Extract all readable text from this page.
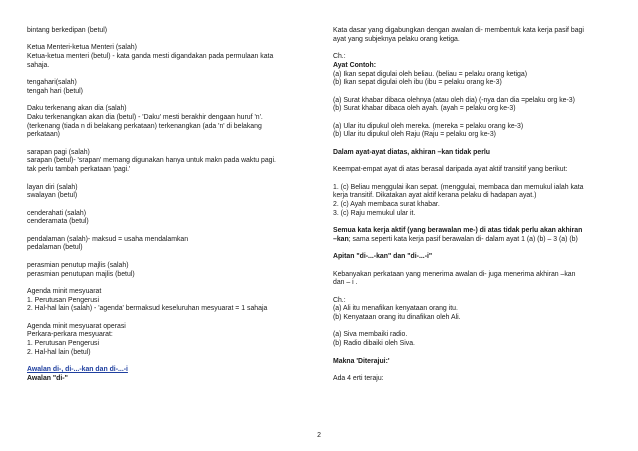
bintang berkedipan (betul)
Ketua Menteri-ketua Menteri (salah)
Ketua-ketua menteri (betul) - kata ganda mesti digandakan pada permulaan kata
sahaja.
tengahari(salah)
tengah hari (betul)
Daku terkenang akan dia (salah)
Daku terkenangkan akan dia (betul) - 'Daku' mesti berakhir dengaan huruf 'n'.
(terkenang (tiada n di belakang perkataan) terkenangkan (ada 'n' di belakang
perkataan)
sarapan pagi (salah)
sarapan (betul)- 'srapan' memang digunakan hanya untuk makn pada waktu pagi.
tak perlu tambah perkataan 'pagi.'
layan diri (salah)
swalayan (betul)
cenderahati (salah)
cenderamata (betul)
pendalaman (salah)- maksud = usaha mendalamkan
pedalaman (betul)
perasmian penutup majlis (salah)
perasmian penutupan majlis (betul)
Agenda minit mesyuarat
1. Perutusan Pengerusi
2. Hal-hal lain (salah) - 'agenda' bermaksud keseluruhan mesyuarat = 1 sahaja
Agenda minit mesyuarat operasi
Perkara-perkara mesyuarat:
1. Perutusan Pengerusi
2. Hal-hal lain (betul)
Awalan di-, di-...-kan dan di-...-i
Awalan "di-"
Kata dasar yang digabungkan dengan awalan di- membentuk kata kerja pasif bagi
ayat yang subjeknya pelaku orang ketiga.
Ch.:
Ayat Contoh:
(a) Ikan sepat digulai oleh beliau. (beliau = pelaku orang ketiga)
(b) Ikan sepat digulai oleh ibu (ibu = pelaku orang ke-3)
(a) Surat khabar dibaca olehnya (atau oleh dia) (-nya dan dia =pelaku org ke-3)
(b) Surat khabar dibaca oleh ayah. (ayah = pelaku org ke-3)
(a) Ular itu dipukul oleh mereka. (mereka = pelaku orang ke-3)
(b) Ular itu dipukul oleh Raju (Raju = pelaku org ke-3)
Dalam ayat-ayat diatas, akhiran –kan tidak perlu
Keempat-empat ayat di atas berasal daripada ayat aktif transitif yang berikut:
1. (c) Beliau menggulai ikan sepat. (menggulai, membaca dan memukul ialah kata
kerja transitif. Dikatakan ayat aktif kerana pelaku di hadapan ayat.)
2. (c) Ayah membaca surat khabar.
3. (c) Raju memukul ular it.
Semua kata kerja aktif (yang berawalan me-) di atas tidak perlu akan akhiran
–kan; sama seperti kata kerja pasif berawalan di- dalam ayat 1 (a) (b) – 3 (a) (b)
Apitan "di-...-kan" dan "di-...-i"
Kebanyakan perkataan yang menerima awalan di- juga menerima akhiran –kan
dan – i .
Ch.:
(a) Ali itu menafikan kenyataan orang itu.
(b) Kenyataan orang itu dinafikan oleh Ali.
(a) Siva membaiki radio.
(b) Radio dibaiki oleh Siva.
Makna 'Diterajui:'
Ada 4 erti teraju:
2
